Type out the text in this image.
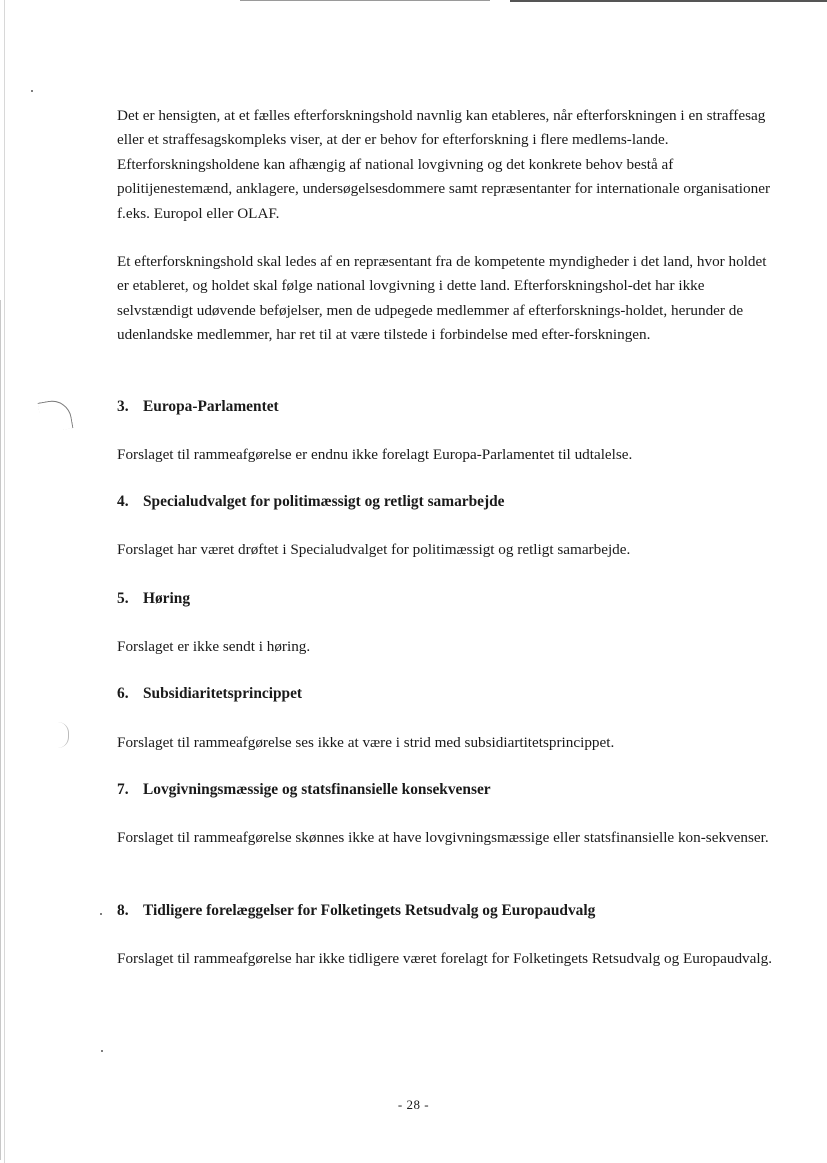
Det er hensigten, at et fælles efterforskningshold navnlig kan etableres, når efterforskningen i en straffesag eller et straffesagskompleks viser, at der er behov for efterforskning i flere medlems-lande. Efterforskningsholdene kan afhængig af national lovgivning og det konkrete behov bestå af politijenestemænd, anklagere, undersøgelsesdommere samt repræsentanter for internationale organisationer f.eks. Europol eller OLAF.

Et efterforskningshold skal ledes af en repræsentant fra de kompetente myndigheder i det land, hvor holdet er etableret, og holdet skal følge national lovgivning i dette land. Efterforskningshol-det har ikke selvstændigt udøvende beføjelser, men de udpegede medlemmer af efterforsknings-holdet, herunder de udenlandske medlemmer, har ret til at være tilstede i forbindelse med efter-forskningen.

3. Europa-Parlamentet

Forslaget til rammeafgørelse er endnu ikke forelagt Europa-Parlamentet til udtalelse.

4. Specialudvalget for politimæssigt og retligt samarbejde

Forslaget har været drøftet i Specialudvalget for politimæssigt og retligt samarbejde.

5. Høring

Forslaget er ikke sendt i høring.

6. Subsidiaritetsprincippet

Forslaget til rammeafgørelse ses ikke at være i strid med subsidiartitetsprincippet.

7. Lovgivningsmæssige og statsfinansielle konsekvenser

Forslaget til rammeafgørelse skønnes ikke at have lovgivningsmæssige eller statsfinansielle kon-sekvenser.

8. Tidligere forelæggelser for Folketingets Retsudvalg og Europaudvalg

Forslaget til rammeafgørelse har ikke tidligere været forelagt for Folketingets Retsudvalg og Europaudvalg.

- 28 -
